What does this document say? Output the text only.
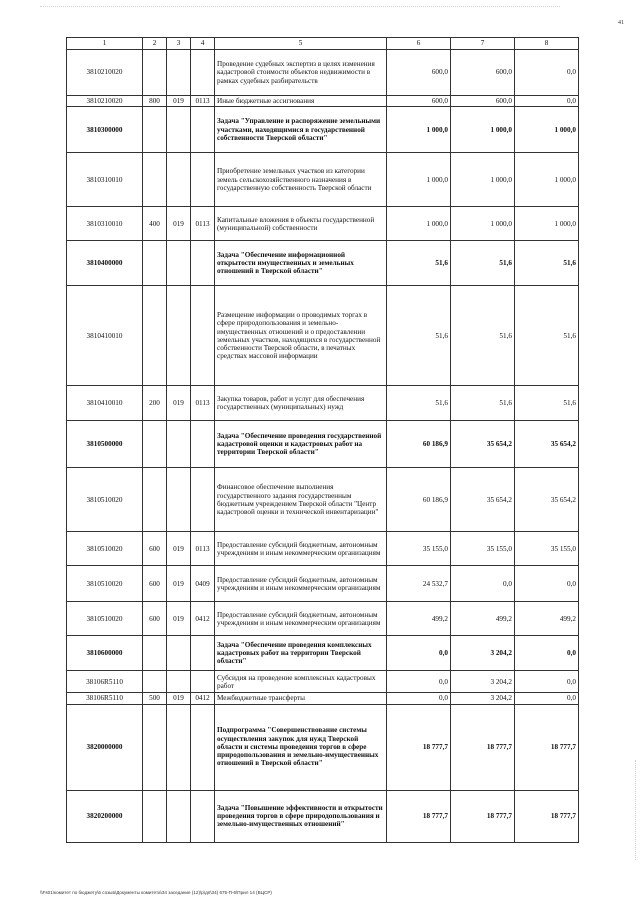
41
1	2	3	4	5	6	7	8
3810210020				Проведение судебных экспертиз в целях изменения кадастровой стоимости объектов недвижимости в рамках судебных разбирательств	600,0	600,0	0,0
3810210020	800	019	0113	Иные бюджетные ассигнования	600,0	600,0	0,0
3810300000				Задача "Управление и распоряжение земельными участками, находящимися в государственной собственности Тверской области"	1 000,0	1 000,0	1 000,0
3810310010				Приобретение земельных участков из категории земель сельскохозяйственного назначения в государственную собственность Тверской области	1 000,0	1 000,0	1 000,0
3810310010	400	019	0113	Капитальные вложения в объекты государственной (муниципальной) собственности	1 000,0	1 000,0	1 000,0
3810400000				Задача "Обеспечение информационной открытости имущественных и земельных отношений в Тверской области"	51,6	51,6	51,6
3810410010				Размещение информации о проводимых торгах в сфере природопользования и земельно-имущественных отношений и о предоставлении земельных участков, находящихся в государственной собственности Тверской области, в печатных средствах массовой информации	51,6	51,6	51,6
3810410010	200	019	0113	Закупка товаров, работ и услуг для обеспечения государственных (муниципальных) нужд	51,6	51,6	51,6
3810500000				Задача "Обеспечение проведения государственной кадастровой оценки и кадастровых работ на территории Тверской области"	60 186,9	35 654,2	35 654,2
3810510020				Финансовое обеспечение выполнения государственного задания государственным бюджетным учреждением Тверской области "Центр кадастровой оценки и технической инвентаризации"	60 186,9	35 654,2	35 654,2
3810510020	600	019	0113	Предоставление субсидий бюджетным, автономным учреждениям и иным некоммерческим организациям	35 155,0	35 155,0	35 155,0
3810510020	600	019	0409	Предоставление субсидий бюджетным, автономным учреждениям и иным некоммерческим организациям	24 532,7	0,0	0,0
3810510020	600	019	0412	Предоставление субсидий бюджетным, автономным учреждениям и иным некоммерческим организациям	499,2	499,2	499,2
3810600000				Задача "Обеспечение проведения комплексных кадастровых работ на территории Тверской области"	0,0	3 204,2	0,0
38106R5110				Субсидия на проведение комплексных кадастровых работ	0,0	3 204,2	0,0
38106R5110	500	019	0412	Межбюджетные трансферты	0,0	3 204,2	0,0
3820000000				Подпрограмма "Совершенствование системы осуществления закупок для нужд Тверской области и системы проведения торгов в сфере природопользования и земельно-имущественных отношений в Тверской области"	18 777,7	18 777,7	18 777,7
3820200000				Задача "Повышение эффективности и открытости проведения торгов в сфере природопользования и земельно-имущественных отношений"	18 777,7	18 777,7	18 777,7
\\Fs01\комитет по бюджету\6 созыв\Документы комитета\34 заседание (12)\р\дп\34) 675-П-6\Прил 14 (ВЦСР)
